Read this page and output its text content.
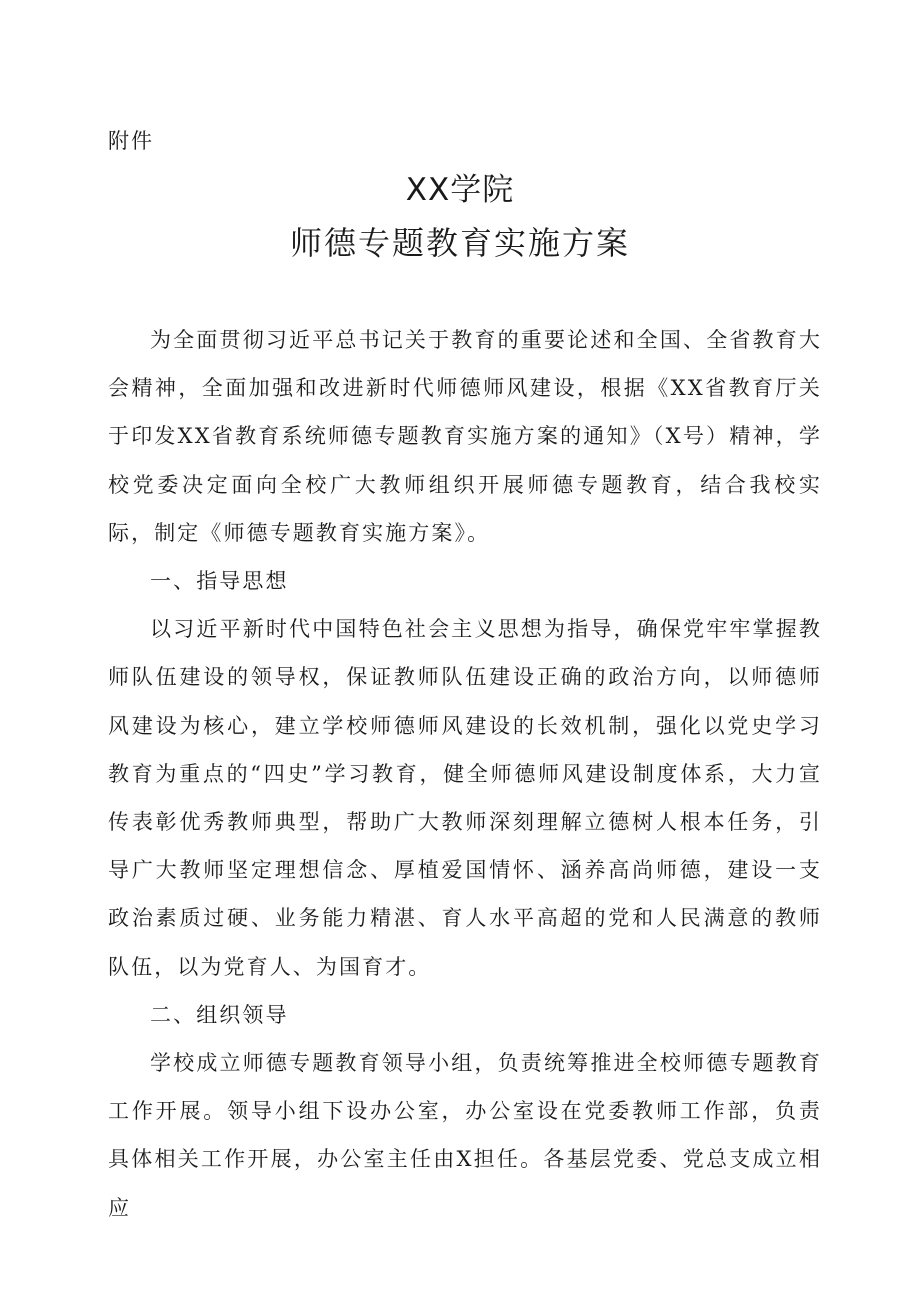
附件
XX学院
师德专题教育实施方案

为全面贯彻习近平总书记关于教育的重要论述和全国、全省教育大会精神，全面加强和改进新时代师德师风建设，根据《XX省教育厅关于印发XX省教育系统师德专题教育实施方案的通知》（X号）精神，学校党委决定面向全校广大教师组织开展师德专题教育，结合我校实际，制定《师德专题教育实施方案》。

一、指导思想

以习近平新时代中国特色社会主义思想为指导，确保党牢牢掌握教师队伍建设的领导权，保证教师队伍建设正确的政治方向，以师德师风建设为核心，建立学校师德师风建设的长效机制，强化以党史学习教育为重点的“四史”学习教育，健全师德师风建设制度体系，大力宣传表彰优秀教师典型，帮助广大教师深刻理解立德树人根本任务，引导广大教师坚定理想信念、厚植爱国情怀、涵养高尚师德，建设一支政治素质过硬、业务能力精湛、育人水平高超的党和人民满意的教师队伍，以为党育人、为国育才。

二、组织领导

学校成立师德专题教育领导小组，负责统筹推进全校师德专题教育工作开展。领导小组下设办公室，办公室设在党委教师工作部，负责具体相关工作开展，办公室主任由X担任。各基层党委、党总支成立相应
